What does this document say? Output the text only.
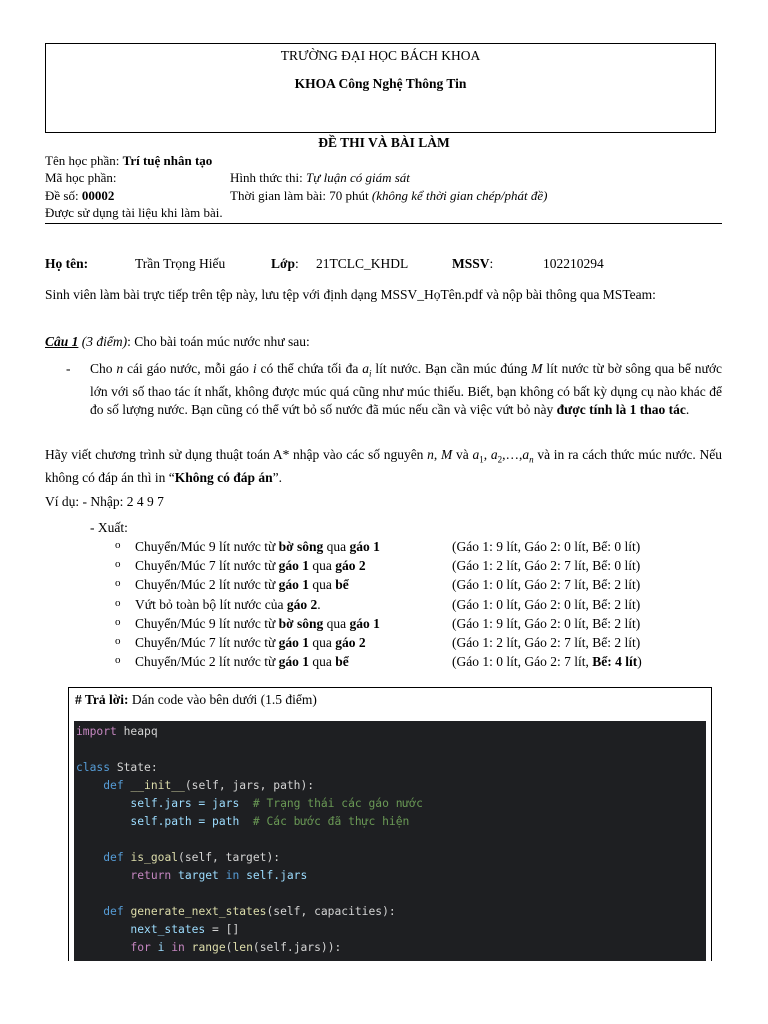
TRƯỜNG ĐẠI HỌC BÁCH KHOA
KHOA Công Nghệ Thông Tin
ĐỀ THI VÀ BÀI LÀM
Tên học phần: Trí tuệ nhân tạo
Mã học phần:	Hình thức thi: Tự luận có giám sát
Đề số: 00002	Thời gian làm bài: 70 phút (không kể thời gian chép/phát đề)
Được sử dụng tài liệu khi làm bài.
Họ tên:	Trần Trọng Hiếu	Lớp : 21TCLC_KHDL	MSSV :	102210294
Sinh viên làm bài trực tiếp trên tệp này, lưu tệp với định dạng MSSV_HọTên.pdf và nộp bài thông qua MSTeam:
Câu 1 (3 điểm): Cho bài toán múc nước như sau:
- Cho n cái gáo nước, mỗi gáo i có thể chứa tối đa $a_i$ lít nước. Bạn cần múc đúng M lít nước từ bờ sông qua bể nước lớn với số thao tác ít nhất, không được múc quá cũng như múc thiếu. Biết, bạn không có bất kỳ dụng cụ nào khác để đo số lượng nước. Bạn cũng có thể vứt bỏ số nước đã múc nếu cần và việc vứt bỏ này được tính là 1 thao tác.
Hãy viết chương trình sử dụng thuật toán A* nhập vào các số nguyên n, M và $a_1$, $a_2,\dots,a_n$ và in ra cách thức múc nước. Nếu không có đáp án thì in “Không có đáp án”.
Ví dụ: - Nhập: 2 4 9 7
- Xuất:
o Chuyển/Múc 9 lít nước từ bờ sông qua gáo 1	(Gáo 1: 9 lít, Gáo 2: 0 lít, Bể: 0 lít)
o Chuyển/Múc 7 lít nước từ gáo 1 qua gáo 2	(Gáo 1: 2 lít, Gáo 2: 7 lít, Bể: 0 lít)
o Chuyển/Múc 2 lít nước từ gáo 1 qua bể	(Gáo 1: 0 lít, Gáo 2: 7 lít, Bể: 2 lít)
o Vứt bỏ toàn bộ lít nước của gáo 2.	(Gáo 1: 0 lít, Gáo 2: 0 lít, Bể: 2 lít)
o Chuyển/Múc 9 lít nước từ bờ sông qua gáo 1	(Gáo 1: 9 lít, Gáo 2: 0 lít, Bể: 2 lít)
o Chuyển/Múc 7 lít nước từ gáo 1 qua gáo 2	(Gáo 1: 2 lít, Gáo 2: 7 lít, Bể: 2 lít)
o Chuyển/Múc 2 lít nước từ gáo 1 qua bể	(Gáo 1: 0 lít, Gáo 2: 7 lít, Bể: 4 lít)
# Trả lời: Dán code vào bên dưới (1.5 điểm)
import heapq

class State:
def __init__(self, jars, path):
self.jars = jars  # Trạng thái các gáo nước
self.path = path  # Các bước đã thực hiện

def is_goal(self, target):
return target in self.jars

def generate_next_states(self, capacities):
next_states = []
for i in range(len(self.jars)):
